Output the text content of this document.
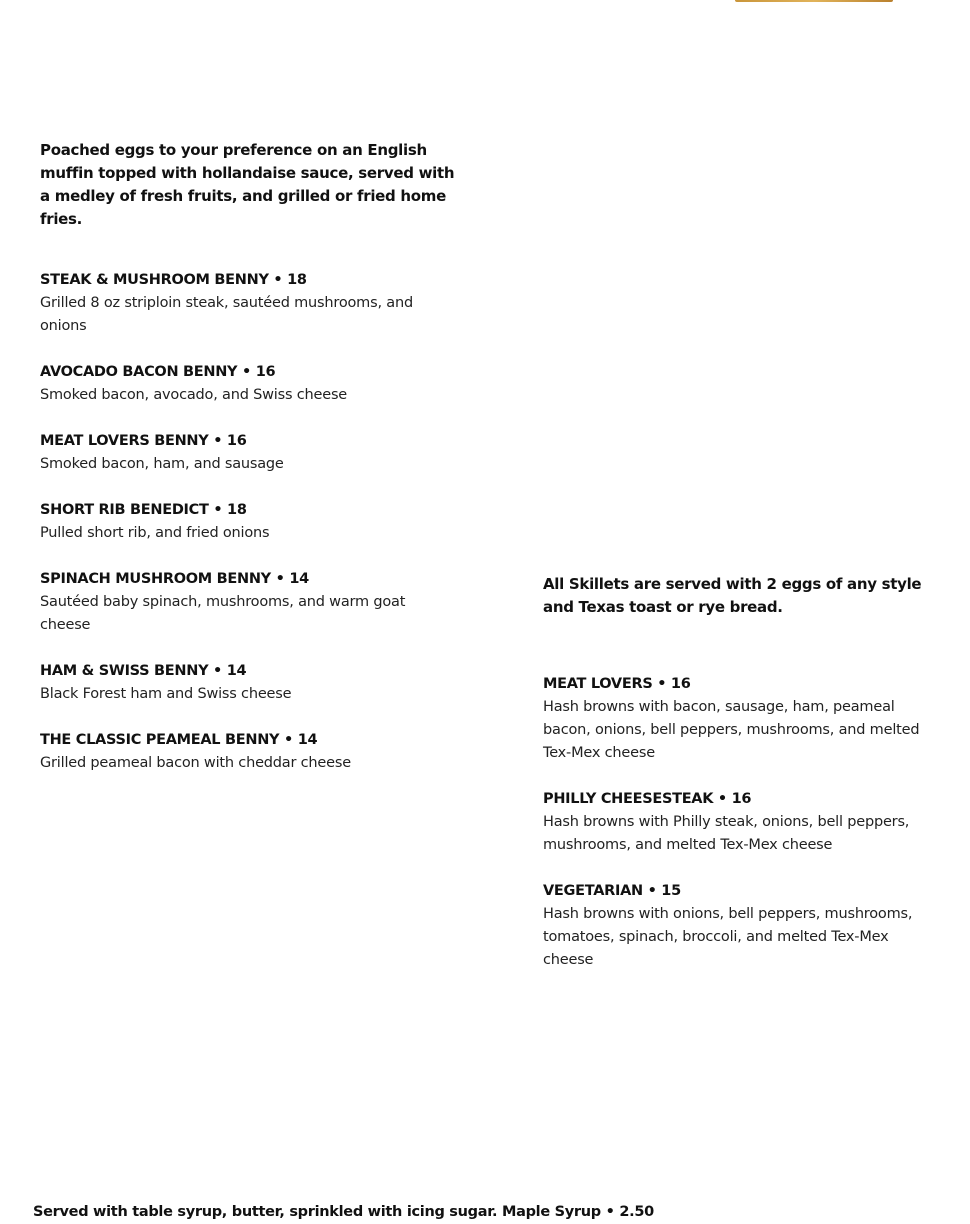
Poached eggs to your preference on an English muffin topped with hollandaise sauce, served with a medley of fresh fruits, and grilled or fried home fries.

STEAK & MUSHROOM BENNY • 18

Grilled 8 oz striploin steak, sautéed mushrooms, and onions

AVOCADO BACON BENNY • 16

Smoked bacon, avocado, and Swiss cheese

MEAT LOVERS BENNY • 16

Smoked bacon, ham, and sausage

SHORT RIB BENEDICT • 18

Pulled short rib, and fried onions

SPINACH MUSHROOM BENNY • 14

Sautéed baby spinach, mushrooms, and warm goat cheese

HAM & SWISS BENNY • 14

Black Forest ham and Swiss cheese

THE CLASSIC PEAMEAL BENNY • 14

Grilled peameal bacon with cheddar cheese

All Skillets are served with 2 eggs of any style and Texas toast or rye bread.

MEAT LOVERS • 16

Hash browns with bacon, sausage, ham, peameal bacon, onions, bell peppers, mushrooms, and melted Tex-Mex cheese

PHILLY CHEESESTEAK • 16

Hash browns with Philly steak, onions, bell peppers, mushrooms, and melted Tex-Mex cheese

VEGETARIAN • 15

Hash browns with onions, bell peppers, mushrooms, tomatoes, spinach, broccoli, and melted Tex-Mex cheese

Served with table syrup, butter, sprinkled with icing sugar. Maple Syrup • 2.50
